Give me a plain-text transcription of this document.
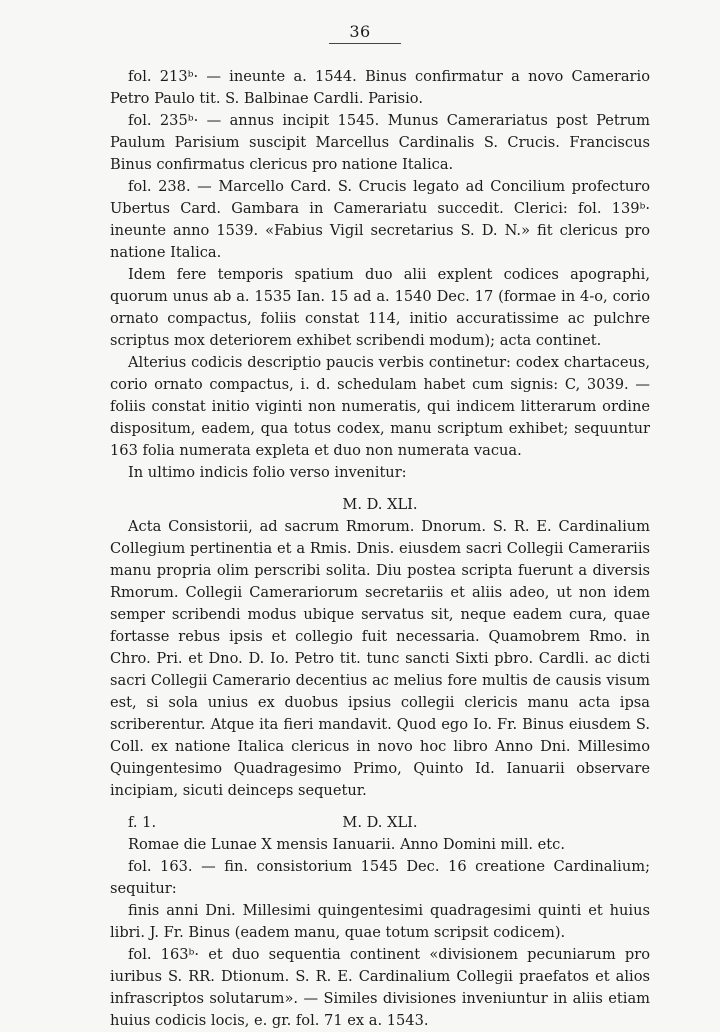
36

fol. 213ᵇ· — ineunte a. 1544. Binus confirmatur a novo Camerario Petro Paulo tit. S. Balbinae Cardli. Parisio.

fol. 235ᵇ· — annus incipit 1545. Munus Camerariatus post Petrum Paulum Parisium suscipit Marcellus Cardinalis S. Crucis. Franciscus Binus confirmatus clericus pro natione Italica.

fol. 238. — Marcello Card. S. Crucis legato ad Concilium profecturo Ubertus Card. Gambara in Camerariatu succedit. Clerici: fol. 139ᵇ· ineunte anno 1539. «Fabius Vigil secretarius S. D. N.» fit clericus pro natione Italica.

Idem fere temporis spatium duo alii explent codices apographi, quorum unus ab a. 1535 Ian. 15 ad a. 1540 Dec. 17 (formae in 4-o, corio ornato compactus, foliis constat 114, initio accuratissime ac pulchre scriptus mox deteriorem exhibet scribendi modum); acta continet.

Alterius codicis descriptio paucis verbis continetur: codex chartaceus, corio ornato compactus, i. d. schedulam habet cum signis: C, 3039. — foliis constat initio viginti non numeratis, qui indicem litterarum ordine dispositum, eadem, qua totus codex, manu scriptum exhibet; sequuntur 163 folia numerata expleta et duo non numerata vacua.

In ultimo indicis folio verso invenitur:

M. D. XLI.

Acta Consistorii, ad sacrum Rmorum. Dnorum. S. R. E. Cardinalium Collegium pertinentia et a Rmis. Dnis. eiusdem sacri Collegii Camerariis manu propria olim perscribi solita. Diu postea scripta fuerunt a diversis Rmorum. Collegii Camerariorum secretariis et aliis adeo, ut non idem semper scribendi modus ubique servatus sit, neque eadem cura, quae fortasse rebus ipsis et collegio fuit necessaria. Quamobrem Rmo. in Chro. Pri. et Dno. D. Io. Petro tit. tunc sancti Sixti pbro. Cardli. ac dicti sacri Collegii Camerario decentius ac melius fore multis de causis visum est, si sola unius ex duobus ipsius collegii clericis manu acta ipsa scriberentur. Atque ita fieri mandavit. Quod ego Io. Fr. Binus eiusdem S. Coll. ex natione Italica clericus in novo hoc libro Anno Dni. Millesimo Quingentesimo Quadragesimo Primo, Quinto Id. Ianuarii observare incipiam, sicuti deinceps sequetur.

f. 1.	M. D. XLI.

Romae die Lunae X mensis Ianuarii. Anno Domini mill. etc.

fol. 163. — fin. consistorium 1545 Dec. 16 creatione Cardinalium; sequitur:

finis anni Dni. Millesimi quingentesimi quadragesimi quinti et huius libri. J. Fr. Binus (eadem manu, quae totum scripsit codicem).

fol. 163ᵇ· et duo sequentia continent «divisionem pecuniarum pro iuribus S. RR. Dtionum. S. R. E. Cardinalium Collegii praefatos et alios infrascriptos solutarum». — Similes divisiones inveniuntur in aliis etiam huius codicis locis, e. gr. fol. 71 ex a. 1543.
